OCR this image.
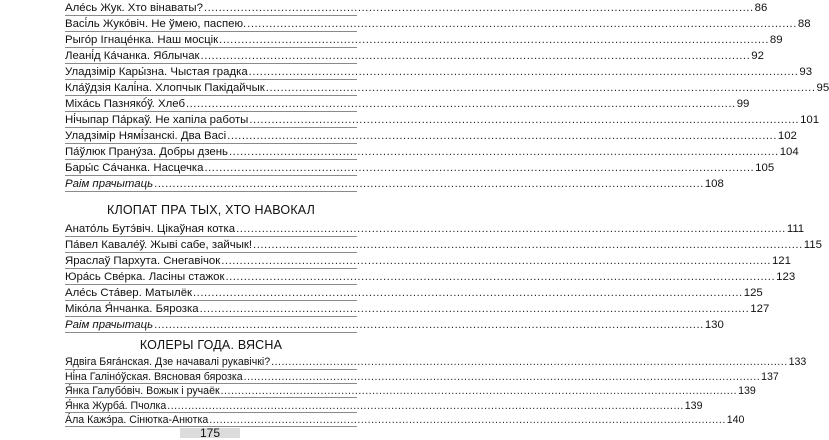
Але́сь Жук. Хто вінаваты? .....	86
Васі́ль Жуко́віч. Не ўмею, паспею. .....	88
Рыго́р Ігнаце́нка. Наш мосцік .....	89
Леані́д Ка́чанка. Яблычак .....	92
Уладзімір Кары́зна. Чыстая градка .....	93
Кла́ўдзія Калі́на. Хлопчык Пакідайчык .....	95
Міха́сь Пазнякό́ў. Хлеб .....	99
Ні́чыпар Па́ркаў. Не хапіла работы .....	101
Уладзімір Нямі́занскі. Два Васі .....	102
Па́ўлюк Прану́за. Добры дзень .....	104
Бары́с Са́чанка. Насцечка .....	105
Раім прачытаць .....	108
КЛОПАТ ПРА ТЫХ, ХТО НАВОКАЛ
Анато́ль Бутэ́віч. Цікаўная котка .....	111
Па́вел Кавале́ў. Жыві сабе, зайчык! .....	115
Яраслаў Пархута. Снегавічок .....	121
Юра́сь Све́рка. Ласіны стажок .....	123
Але́сь Ста́вер. Матылёк .....	125
Міко́ла Я́нчанка. Бярозка .....	127
Раім прачытаць .....	130
КОЛЕРЫ ГОДА. ВЯСНА
Ядвіга Бяга́нская. Дзе начавалі рукавічкі? .....	133
Ні́на Галіно́ўская. Вясновая бярозка .....	137
Я́нка Галубо́віч. Вожык і ручаёк .....	139
Я́нка Журба́. Пчолка .....	139
А́ла Кажэ́ра. Сінютка-Анютка .....	140
175
